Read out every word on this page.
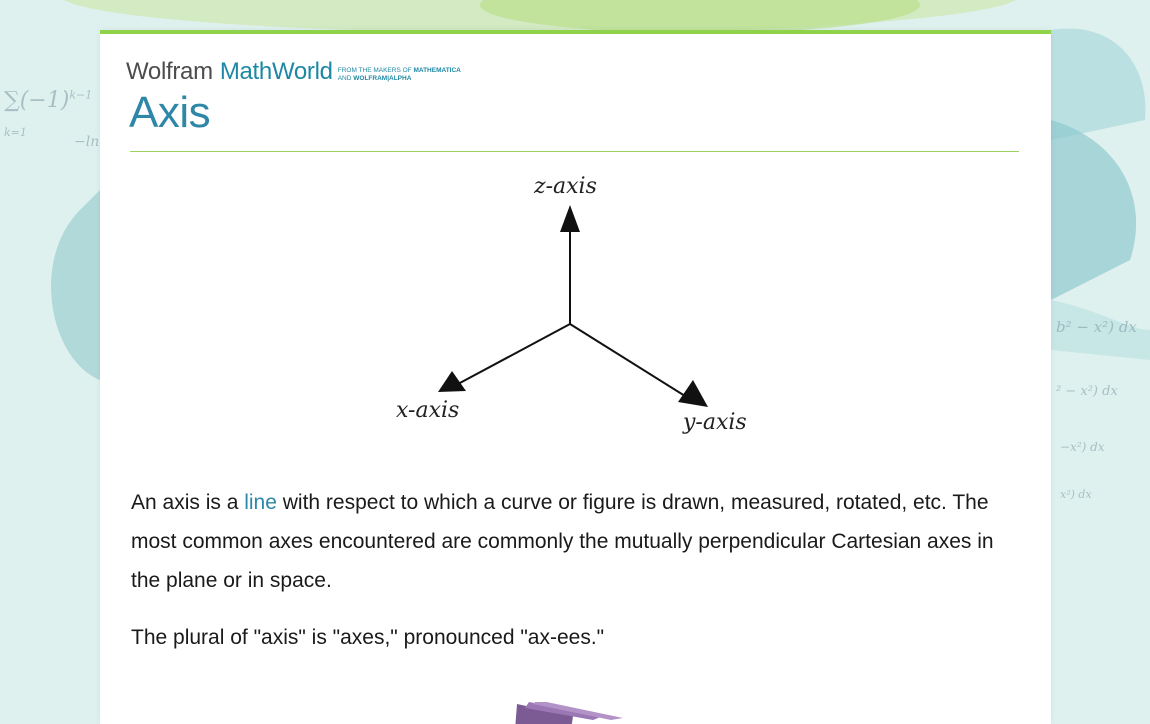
$\sum(-1)^{k-1}$
k=1
−ln
b² − x²) dx
² − x²) dx
−x²) dx
x²) dx
Wolfram MathWorld FROM THE MAKERS OF MATHEMATICA
AND WOLFRAM|ALPHA
Axis
z-axis
x-axis	y-axis

An axis is a line with respect to which a curve or figure is drawn, measured, rotated, etc. The most common axes encountered are commonly the mutually perpendicular Cartesian axes in the plane or in space.

The plural of "axis" is "axes," pronounced "ax-ees."
